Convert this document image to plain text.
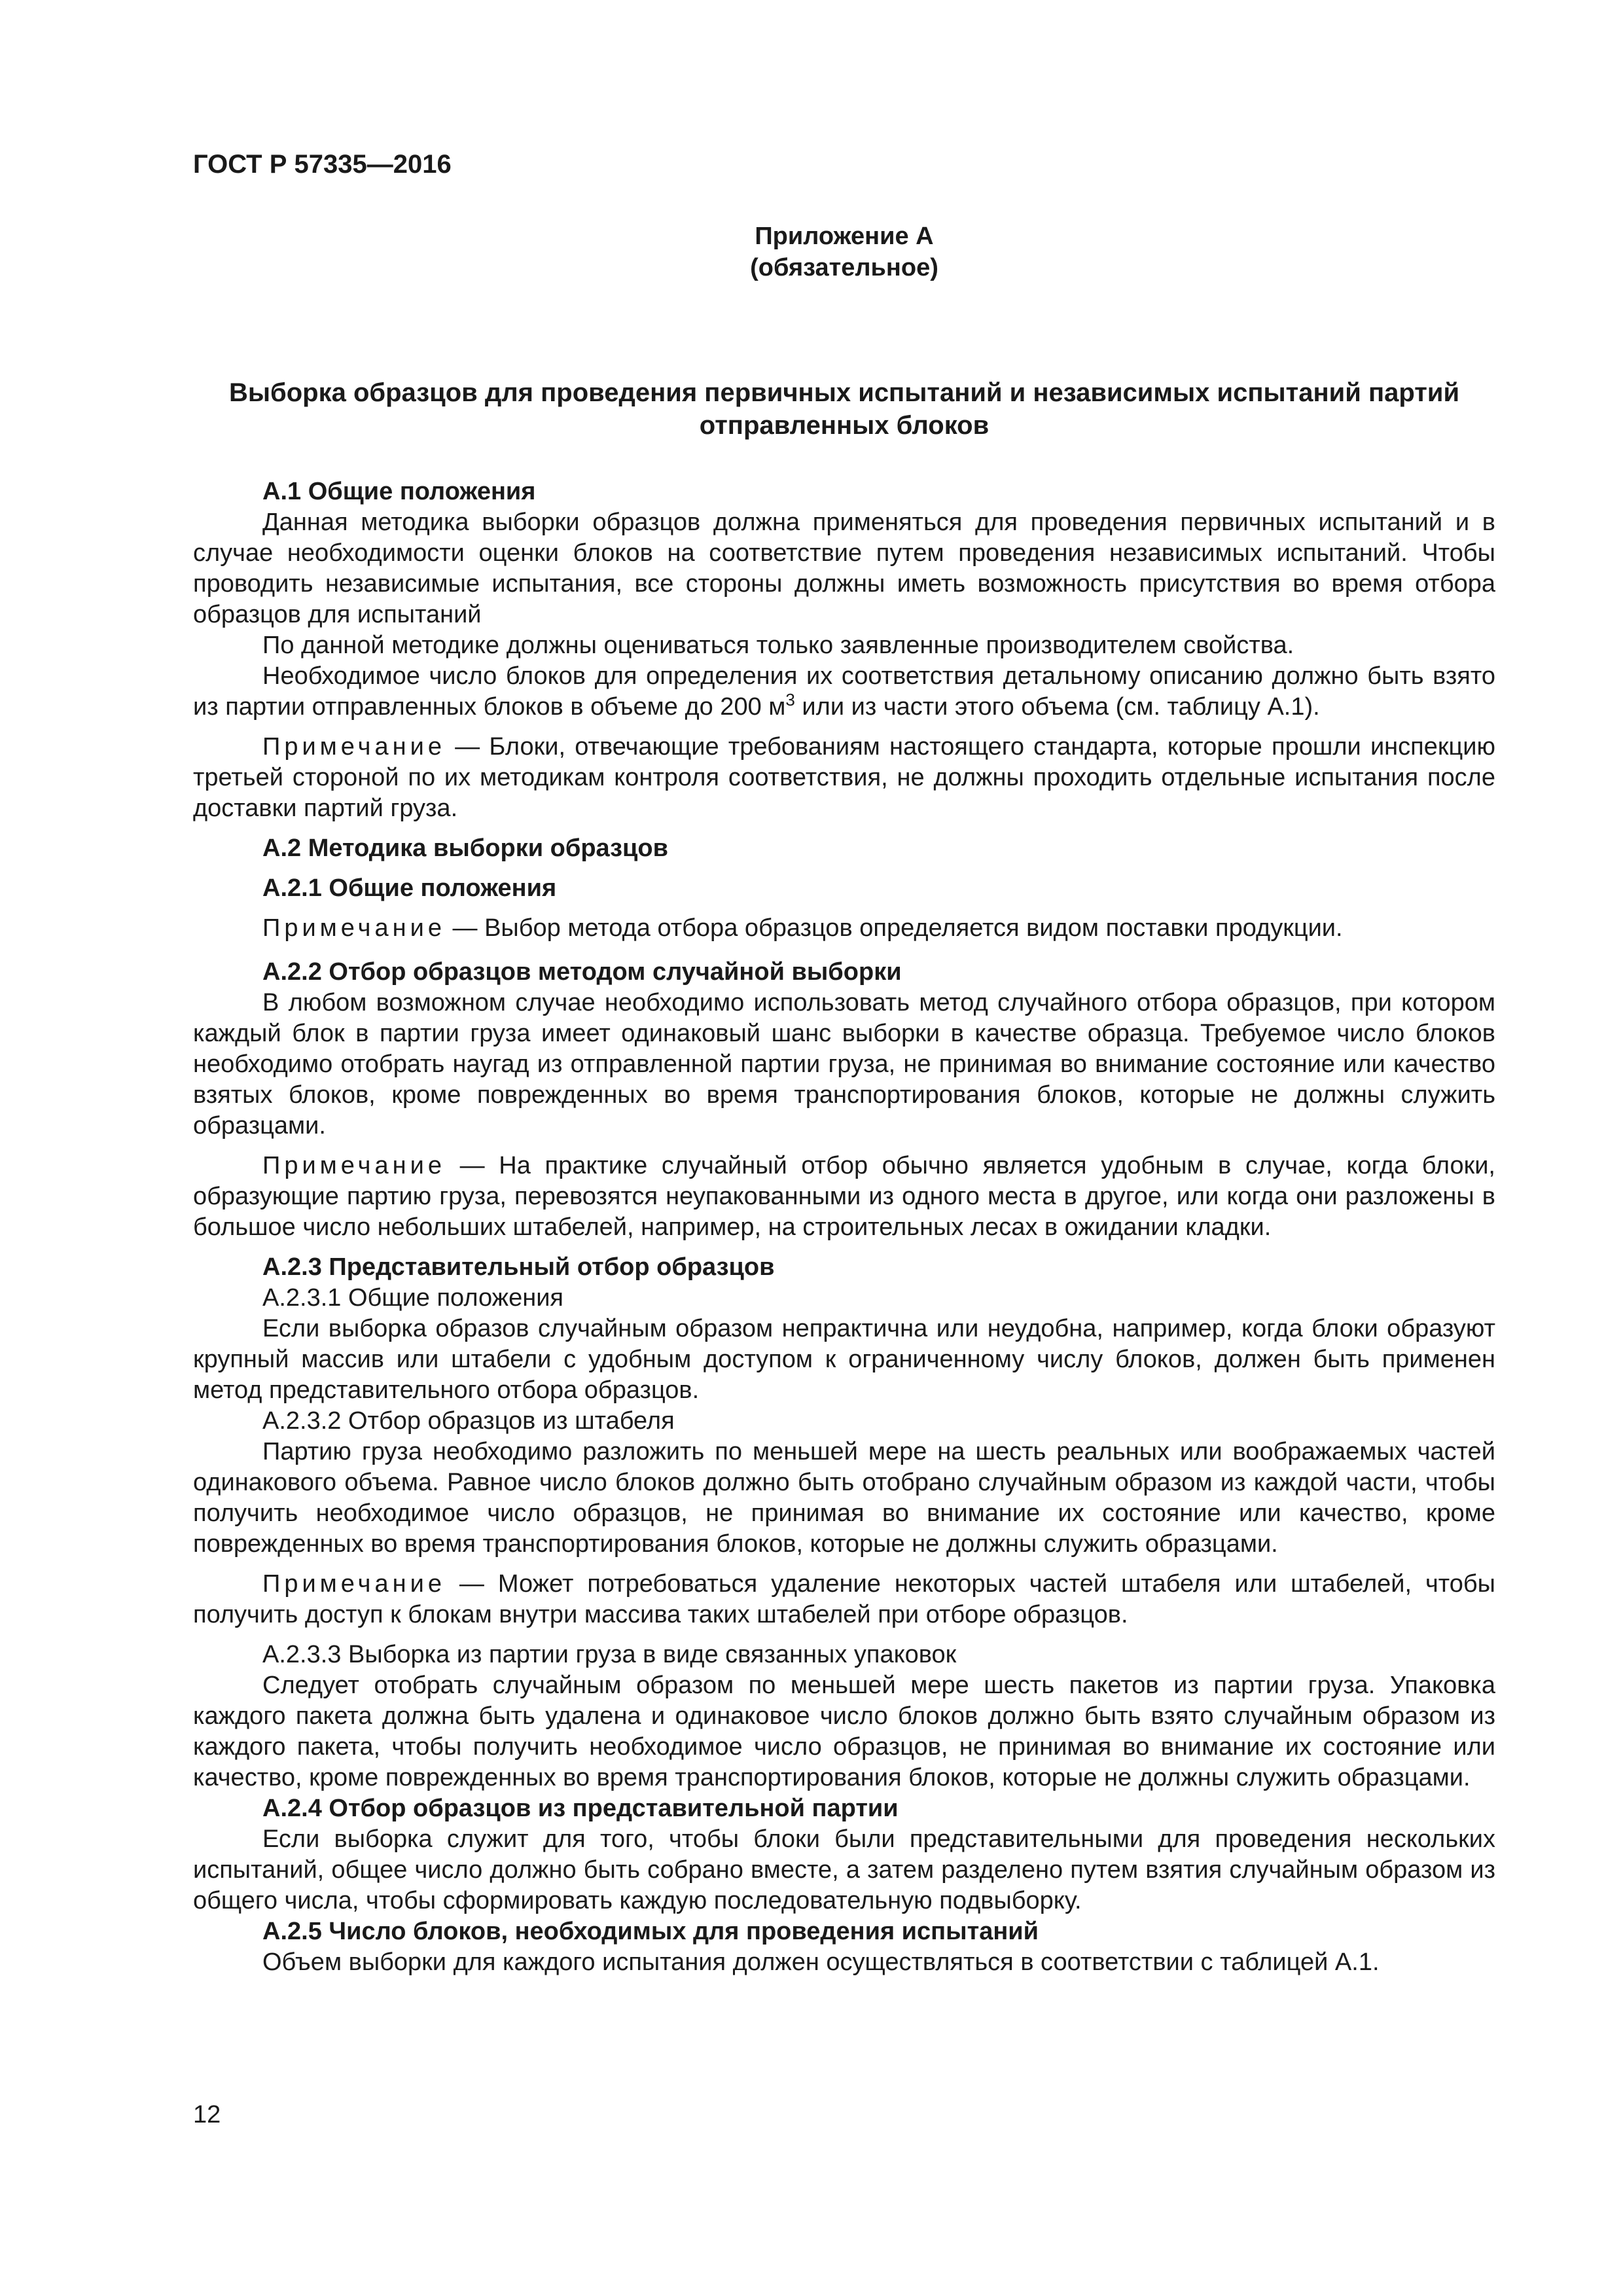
ГОСТ Р 57335—2016
Приложение А
(обязательное)
Выборка образцов для проведения первичных испытаний и независимых испытаний партий отправленных блоков

А.1 Общие положения

Данная методика выборки образцов должна применяться для проведения первичных испытаний и в случае необходимости оценки блоков на соответствие путем проведения независимых испытаний. Чтобы проводить независимые испытания, все стороны должны иметь возможность присутствия во время отбора образцов для испытаний

По данной методике должны оцениваться только заявленные производителем свойства.

Необходимое число блоков для определения их соответствия детальному описанию должно быть взято из партии отправленных блоков в объеме до 200 $м^3$ или из части этого объема (см. таблицу А.1).

Примечание — Блоки, отвечающие требованиям настоящего стандарта, которые прошли инспекцию третьей стороной по их методикам контроля соответствия, не должны проходить отдельные испытания после доставки партий груза.

А.2 Методика выборки образцов

А.2.1 Общие положения

Примечание — Выбор метода отбора образцов определяется видом поставки продукции.

А.2.2 Отбор образцов методом случайной выборки

В любом возможном случае необходимо использовать метод случайного отбора образцов, при котором каждый блок в партии груза имеет одинаковый шанс выборки в качестве образца. Требуемое число блоков необходимо отобрать наугад из отправленной партии груза, не принимая во внимание состояние или качество взятых блоков, кроме поврежденных во время транспортирования блоков, которые не должны служить образцами.

Примечание — На практике случайный отбор обычно является удобным в случае, когда блоки, образующие партию груза, перевозятся неупакованными из одного места в другое, или когда они разложены в большое число небольших штабелей, например, на строительных лесах в ожидании кладки.

А.2.3 Представительный отбор образцов

А.2.3.1 Общие положения

Если выборка образов случайным образом непрактична или неудобна, например, когда блоки образуют крупный массив или штабели с удобным доступом к ограниченному числу блоков, должен быть применен метод представительного отбора образцов.

А.2.3.2 Отбор образцов из штабеля

Партию груза необходимо разложить по меньшей мере на шесть реальных или воображаемых частей одинакового объема. Равное число блоков должно быть отобрано случайным образом из каждой части, чтобы получить необходимое число образцов, не принимая во внимание их состояние или качество, кроме поврежденных во время транспортирования блоков, которые не должны служить образцами.

Примечание — Может потребоваться удаление некоторых частей штабеля или штабелей, чтобы получить доступ к блокам внутри массива таких штабелей при отборе образцов.

А.2.3.3 Выборка из партии груза в виде связанных упаковок

Следует отобрать случайным образом по меньшей мере шесть пакетов из партии груза. Упаковка каждого пакета должна быть удалена и одинаковое число блоков должно быть взято случайным образом из каждого пакета, чтобы получить необходимое число образцов, не принимая во внимание их состояние или качество, кроме поврежденных во время транспортирования блоков, которые не должны служить образцами.

А.2.4 Отбор образцов из представительной партии

Если выборка служит для того, чтобы блоки были представительными для проведения нескольких испытаний, общее число должно быть собрано вместе, а затем разделено путем взятия случайным образом из общего числа, чтобы сформировать каждую последовательную подвыборку.

А.2.5 Число блоков, необходимых для проведения испытаний

Объем выборки для каждого испытания должен осуществляться в соответствии с таблицей А.1.

12
